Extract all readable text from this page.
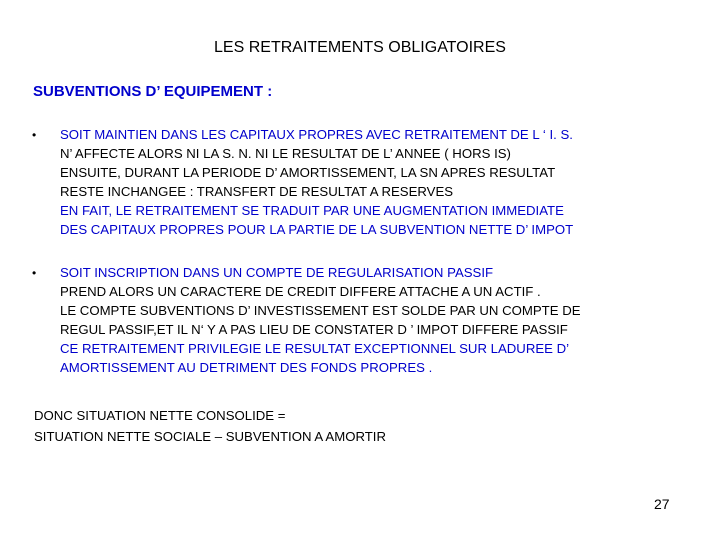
LES RETRAITEMENTS OBLIGATOIRES
SUBVENTIONS D’ EQUIPEMENT :
• SOIT MAINTIEN DANS LES CAPITAUX PROPRES AVEC RETRAITEMENT DE L ‘ I. S.
N’ AFFECTE ALORS NI LA S. N. NI LE RESULTAT DE L’ ANNEE ( HORS IS)
ENSUITE, DURANT LA PERIODE D’ AMORTISSEMENT, LA SN APRES RESULTAT
RESTE INCHANGEE : TRANSFERT DE RESULTAT A RESERVES
EN FAIT, LE RETRAITEMENT SE TRADUIT PAR UNE AUGMENTATION IMMEDIATE
DES CAPITAUX PROPRES POUR LA PARTIE DE LA SUBVENTION NETTE D’ IMPOT
• SOIT INSCRIPTION DANS UN COMPTE DE REGULARISATION PASSIF
PREND ALORS UN CARACTERE DE CREDIT DIFFERE ATTACHE A UN ACTIF .
LE COMPTE SUBVENTIONS D’ INVESTISSEMENT EST SOLDE PAR UN COMPTE DE
REGUL PASSIF,ET IL N‘ Y A PAS LIEU DE CONSTATER D ’ IMPOT DIFFERE PASSIF
CE RETRAITEMENT PRIVILEGIE LE RESULTAT EXCEPTIONNEL SUR LADUREE D’
AMORTISSEMENT AU DETRIMENT DES FONDS PROPRES .
DONC SITUATION NETTE CONSOLIDE =
SITUATION NETTE SOCIALE – SUBVENTION A AMORTIR
27
